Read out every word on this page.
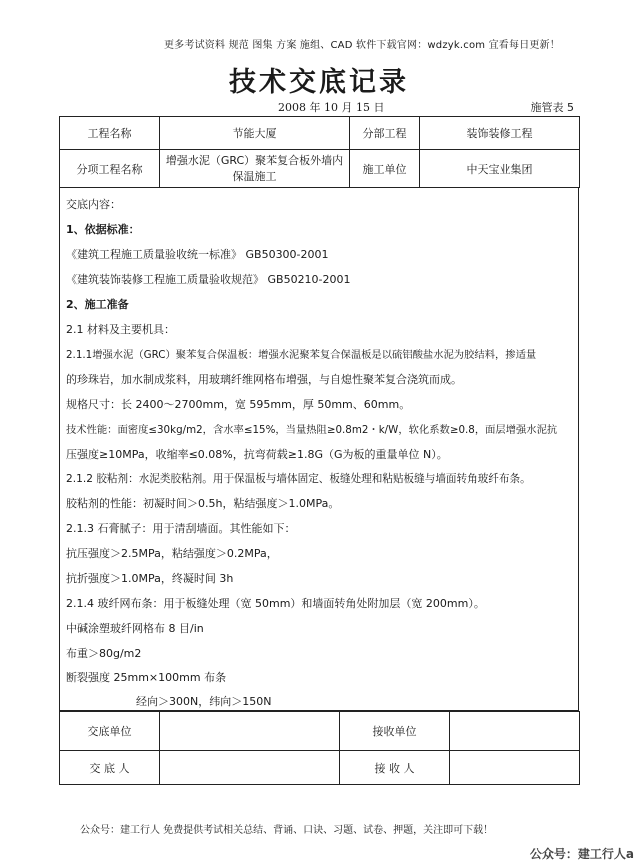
更多考试资料 规范 图集 方案 施组、CAD 软件下载官网：wdzyk.com 宜看每日更新！
技术交底记录
2008 年 10 月 15 日	施管表 5
工程名称	节能大厦	分部工程	装饰装修工程
分项工程名称	增强水泥（GRC）聚苯复合板外墙内
保温施工	施工单位	中天宝业集团
交底内容：
1、依据标准：
《建筑工程施工质量验收统一标准》 GB50300-2001
《建筑装饰装修工程施工质量验收规范》 GB50210-2001
2、施工准备
2.1 材料及主要机具：
2.1.1增强水泥（GRC）聚苯复合保温板：增强水泥聚苯复合保温板是以硫铝酸盐水泥为胶结料，掺适量
的珍珠岩，加水制成浆料，用玻璃纤维网格布增强，与自熄性聚苯复合浇筑而成。
规格尺寸：长 2400～2700mm，宽 595mm，厚 50mm、60mm。
技术性能：面密度≤30kg/m2，含水率≤15%，当量热阻≥0.8m2・k/W，软化系数≥0.8，面层增强水泥抗
压强度≥10MPa，收缩率≤0.08%，抗弯荷载≥1.8G（G为板的重量单位 N）。
2.1.2 胶粘剂：水泥类胶粘剂。用于保温板与墙体固定、板缝处理和粘贴板缝与墙面转角玻纤布条。
胶粘剂的性能：初凝时间＞0.5h，粘结强度＞1.0MPa。
2.1.3 石膏腻子：用于清刮墙面。其性能如下：
抗压强度＞2.5MPa，粘结强度＞0.2MPa，
抗折强度＞1.0MPa，终凝时间 3h
2.1.4 玻纤网布条：用于板缝处理（宽 50mm）和墙面转角处附加层（宽 200mm）。
中碱涂塑玻纤网格布 8 目/in
布重＞80g/m2
断裂强度 25mm×100mm 布条
经向＞300N，纬向＞150N
交底单位		接收单位	
交 底 人		接 收 人	
公众号：建工行人 免费提供考试相关总结、背诵、口诀、习题、试卷、押题，关注即可下载！
公众号：建工行人a
